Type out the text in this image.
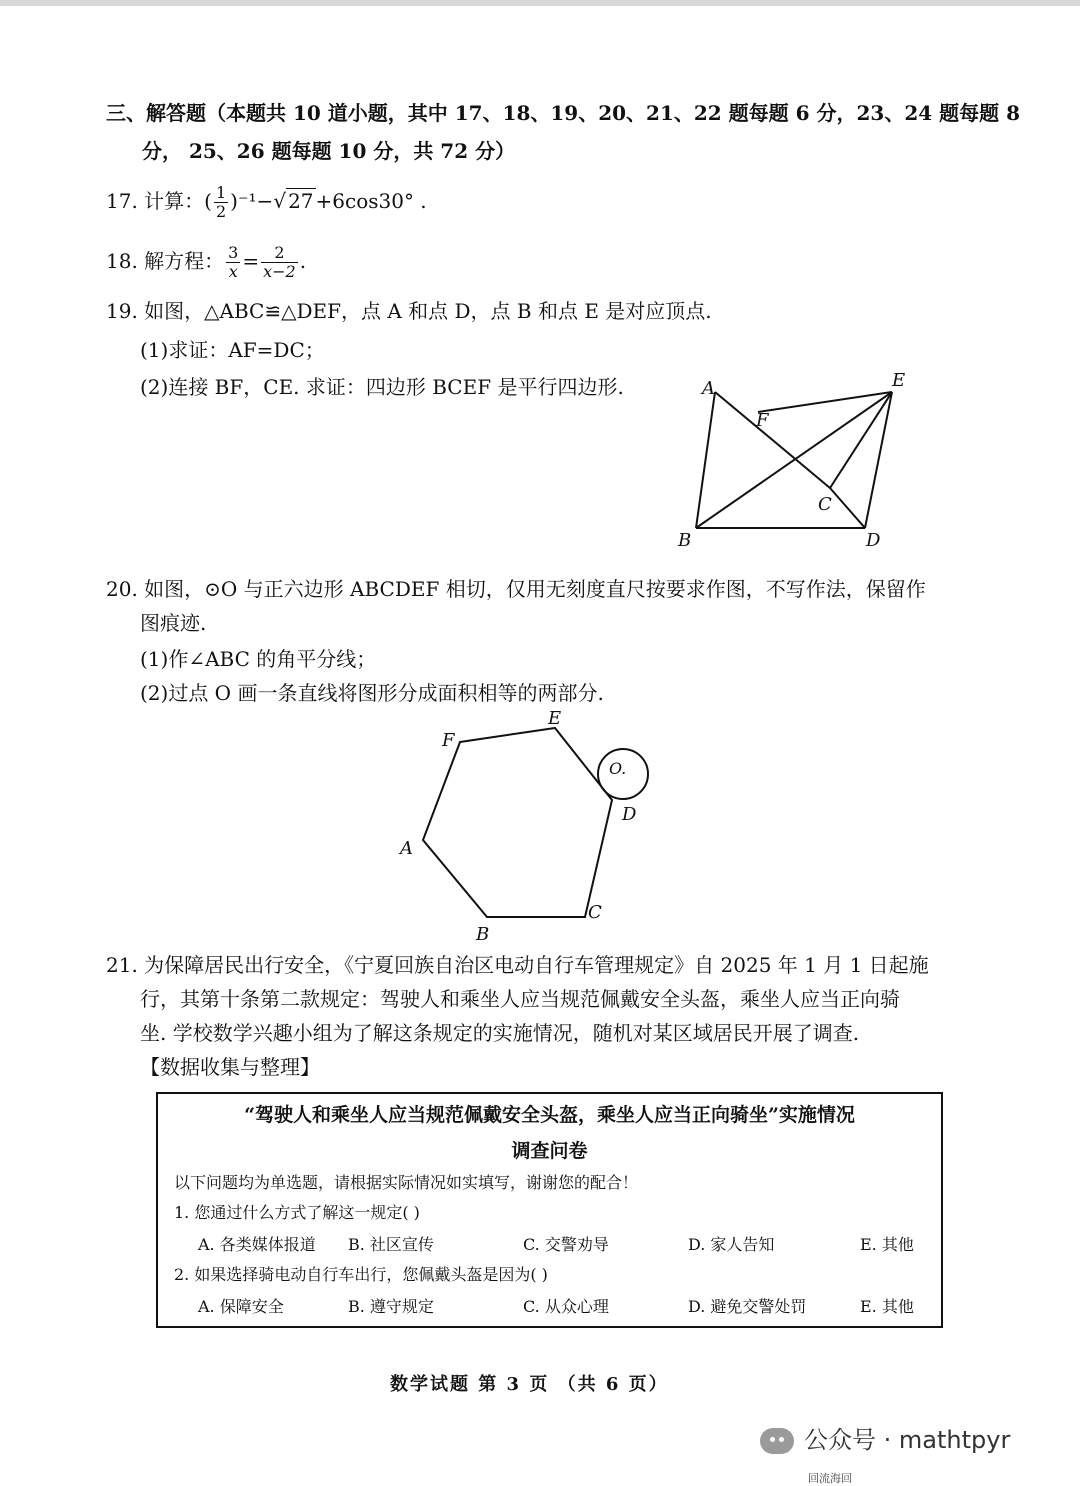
三、解答题（本题共 10 道小题，其中 17、18、19、20、21、22 题每题 6 分，23、24 题每题 8
分， 25、26 题每题 10 分，共 72 分）
17. 计算：( $\frac{1}{2} )^{-1}-√$ 27 +6cos30° .
18. 解方程： $\frac{3}{x} = \frac{2}{x-2}$ .
19. 如图，△ABC≌△DEF，点 A 和点 D，点 B 和点 E 是对应顶点.
(1)求证：AF=DC；
(2)连接 BF，CE. 求证：四边形 BCEF 是平行四边形.	A	E
F
C
B	D
20. 如图，⊙O 与正六边形 ABCDEF 相切，仅用无刻度直尺按要求作图，不写作法，保留作
图痕迹.
(1)作∠ABC 的角平分线；
(2)过点 O 画一条直线将图形分成面积相等的两部分.
F
E
O.
D
A
C
B
21. 为保障居民出行安全，《宁夏回族自治区电动自行车管理规定》自 2025 年 1 月 1 日起施
行，其第十条第二款规定：驾驶人和乘坐人应当规范佩戴安全头盔，乘坐人应当正向骑
坐. 学校数学兴趣小组为了解这条规定的实施情况，随机对某区域居民开展了调查.
【数据收集与整理】
“驾驶人和乘坐人应当规范佩戴安全头盔，乘坐人应当正向骑坐”实施情况
调查问卷
以下问题均为单选题，请根据实际情况如实填写，谢谢您的配合！
1. 您通过什么方式了解这一规定( )
A. 各类媒体报道 B. 社区宣传	C. 交警劝导	D. 家人告知	E. 其他
2. 如果选择骑电动自行车出行，您佩戴头盔是因为( )
A. 保障安全	B. 遵守规定	C. 从众心理	D. 避免交警处罚	E. 其他
数学试题 第 3 页 （共 6 页）
公众号 · mathtpyr
回流海回
